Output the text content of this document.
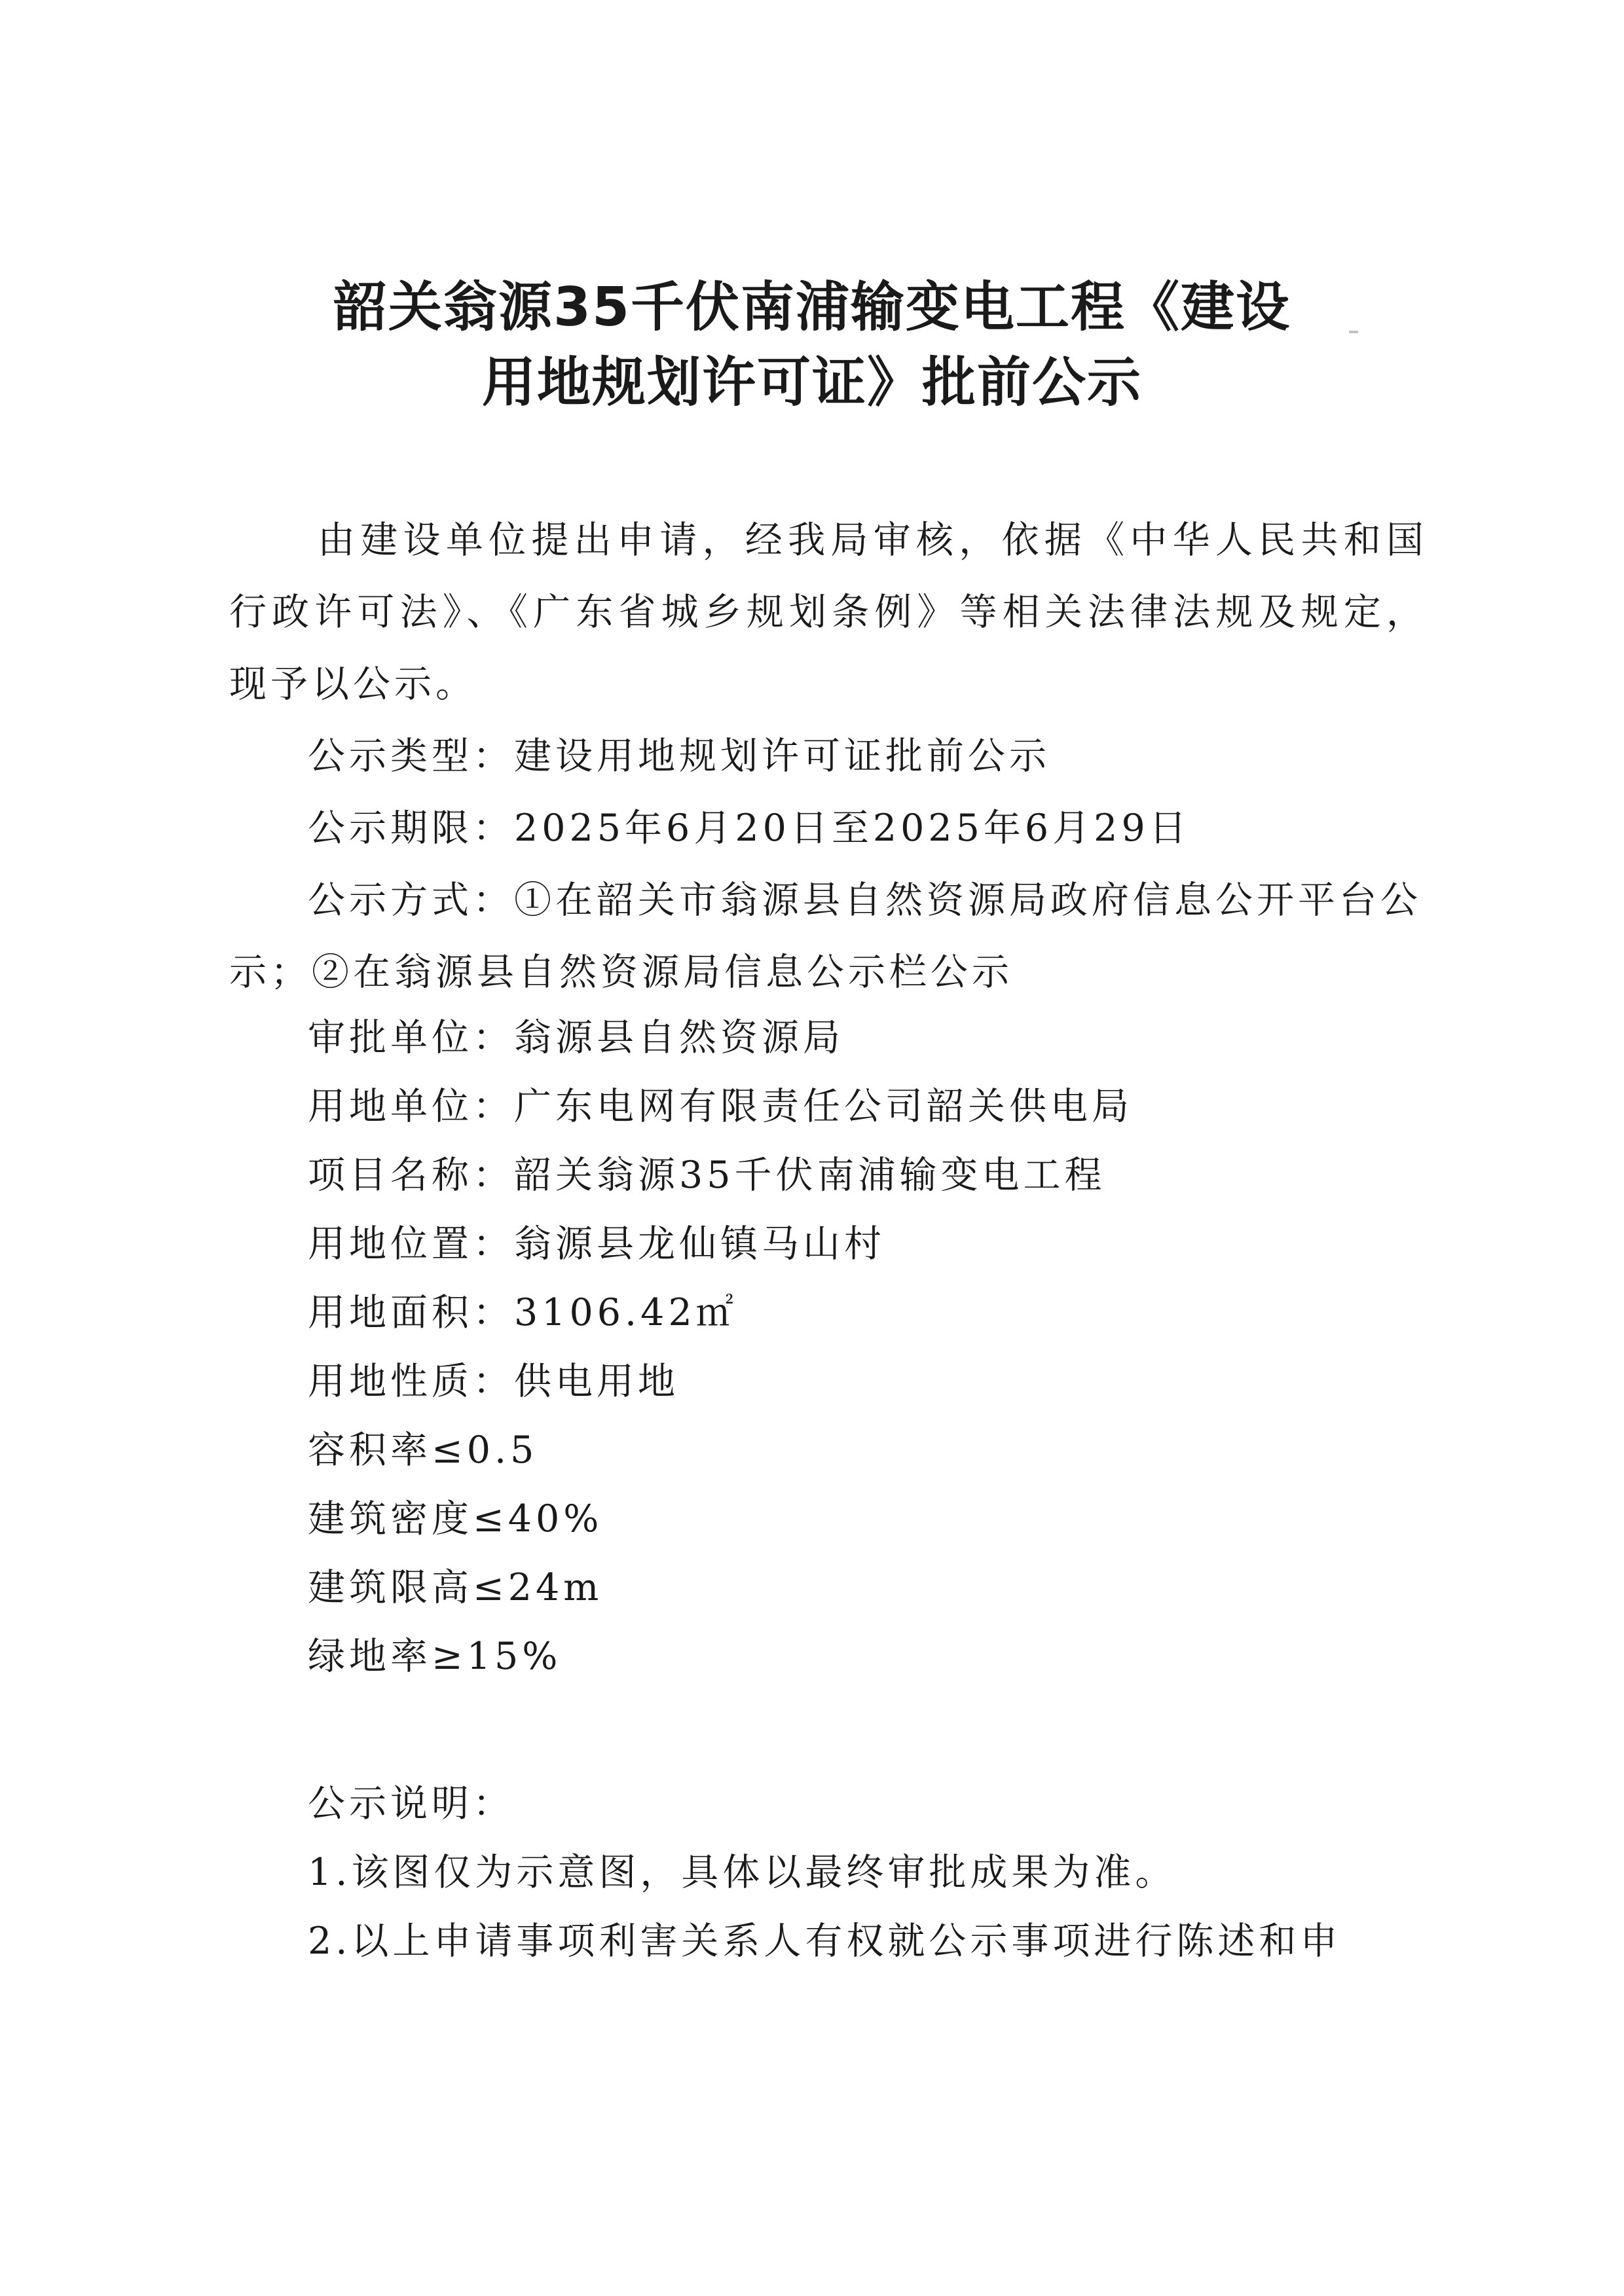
韶关翁源35千伏南浦输变电工程《建设
用地规划许可证》批前公示

由建设单位提出申请，经我局审核，依据《中华人民共和国行政许可法》、《广东省城乡规划条例》等相关法律法规及规定，现予以公示。

公示类型：建设用地规划许可证批前公示

公示期限：2025年6月20日至2025年6月29日

公示方式：①在韶关市翁源县自然资源局政府信息公开平台公示；②在翁源县自然资源局信息公示栏公示

审批单位：翁源县自然资源局

用地单位：广东电网有限责任公司韶关供电局

项目名称：韶关翁源35千伏南浦输变电工程

用地位置：翁源县龙仙镇马山村

用地面积：3106.42㎡

用地性质：供电用地

容积率≤0.5

建筑密度≤40%

建筑限高≤24m

绿地率≥15%

公示说明：

1.该图仅为示意图，具体以最终审批成果为准。

2.以上申请事项利害关系人有权就公示事项进行陈述和申
